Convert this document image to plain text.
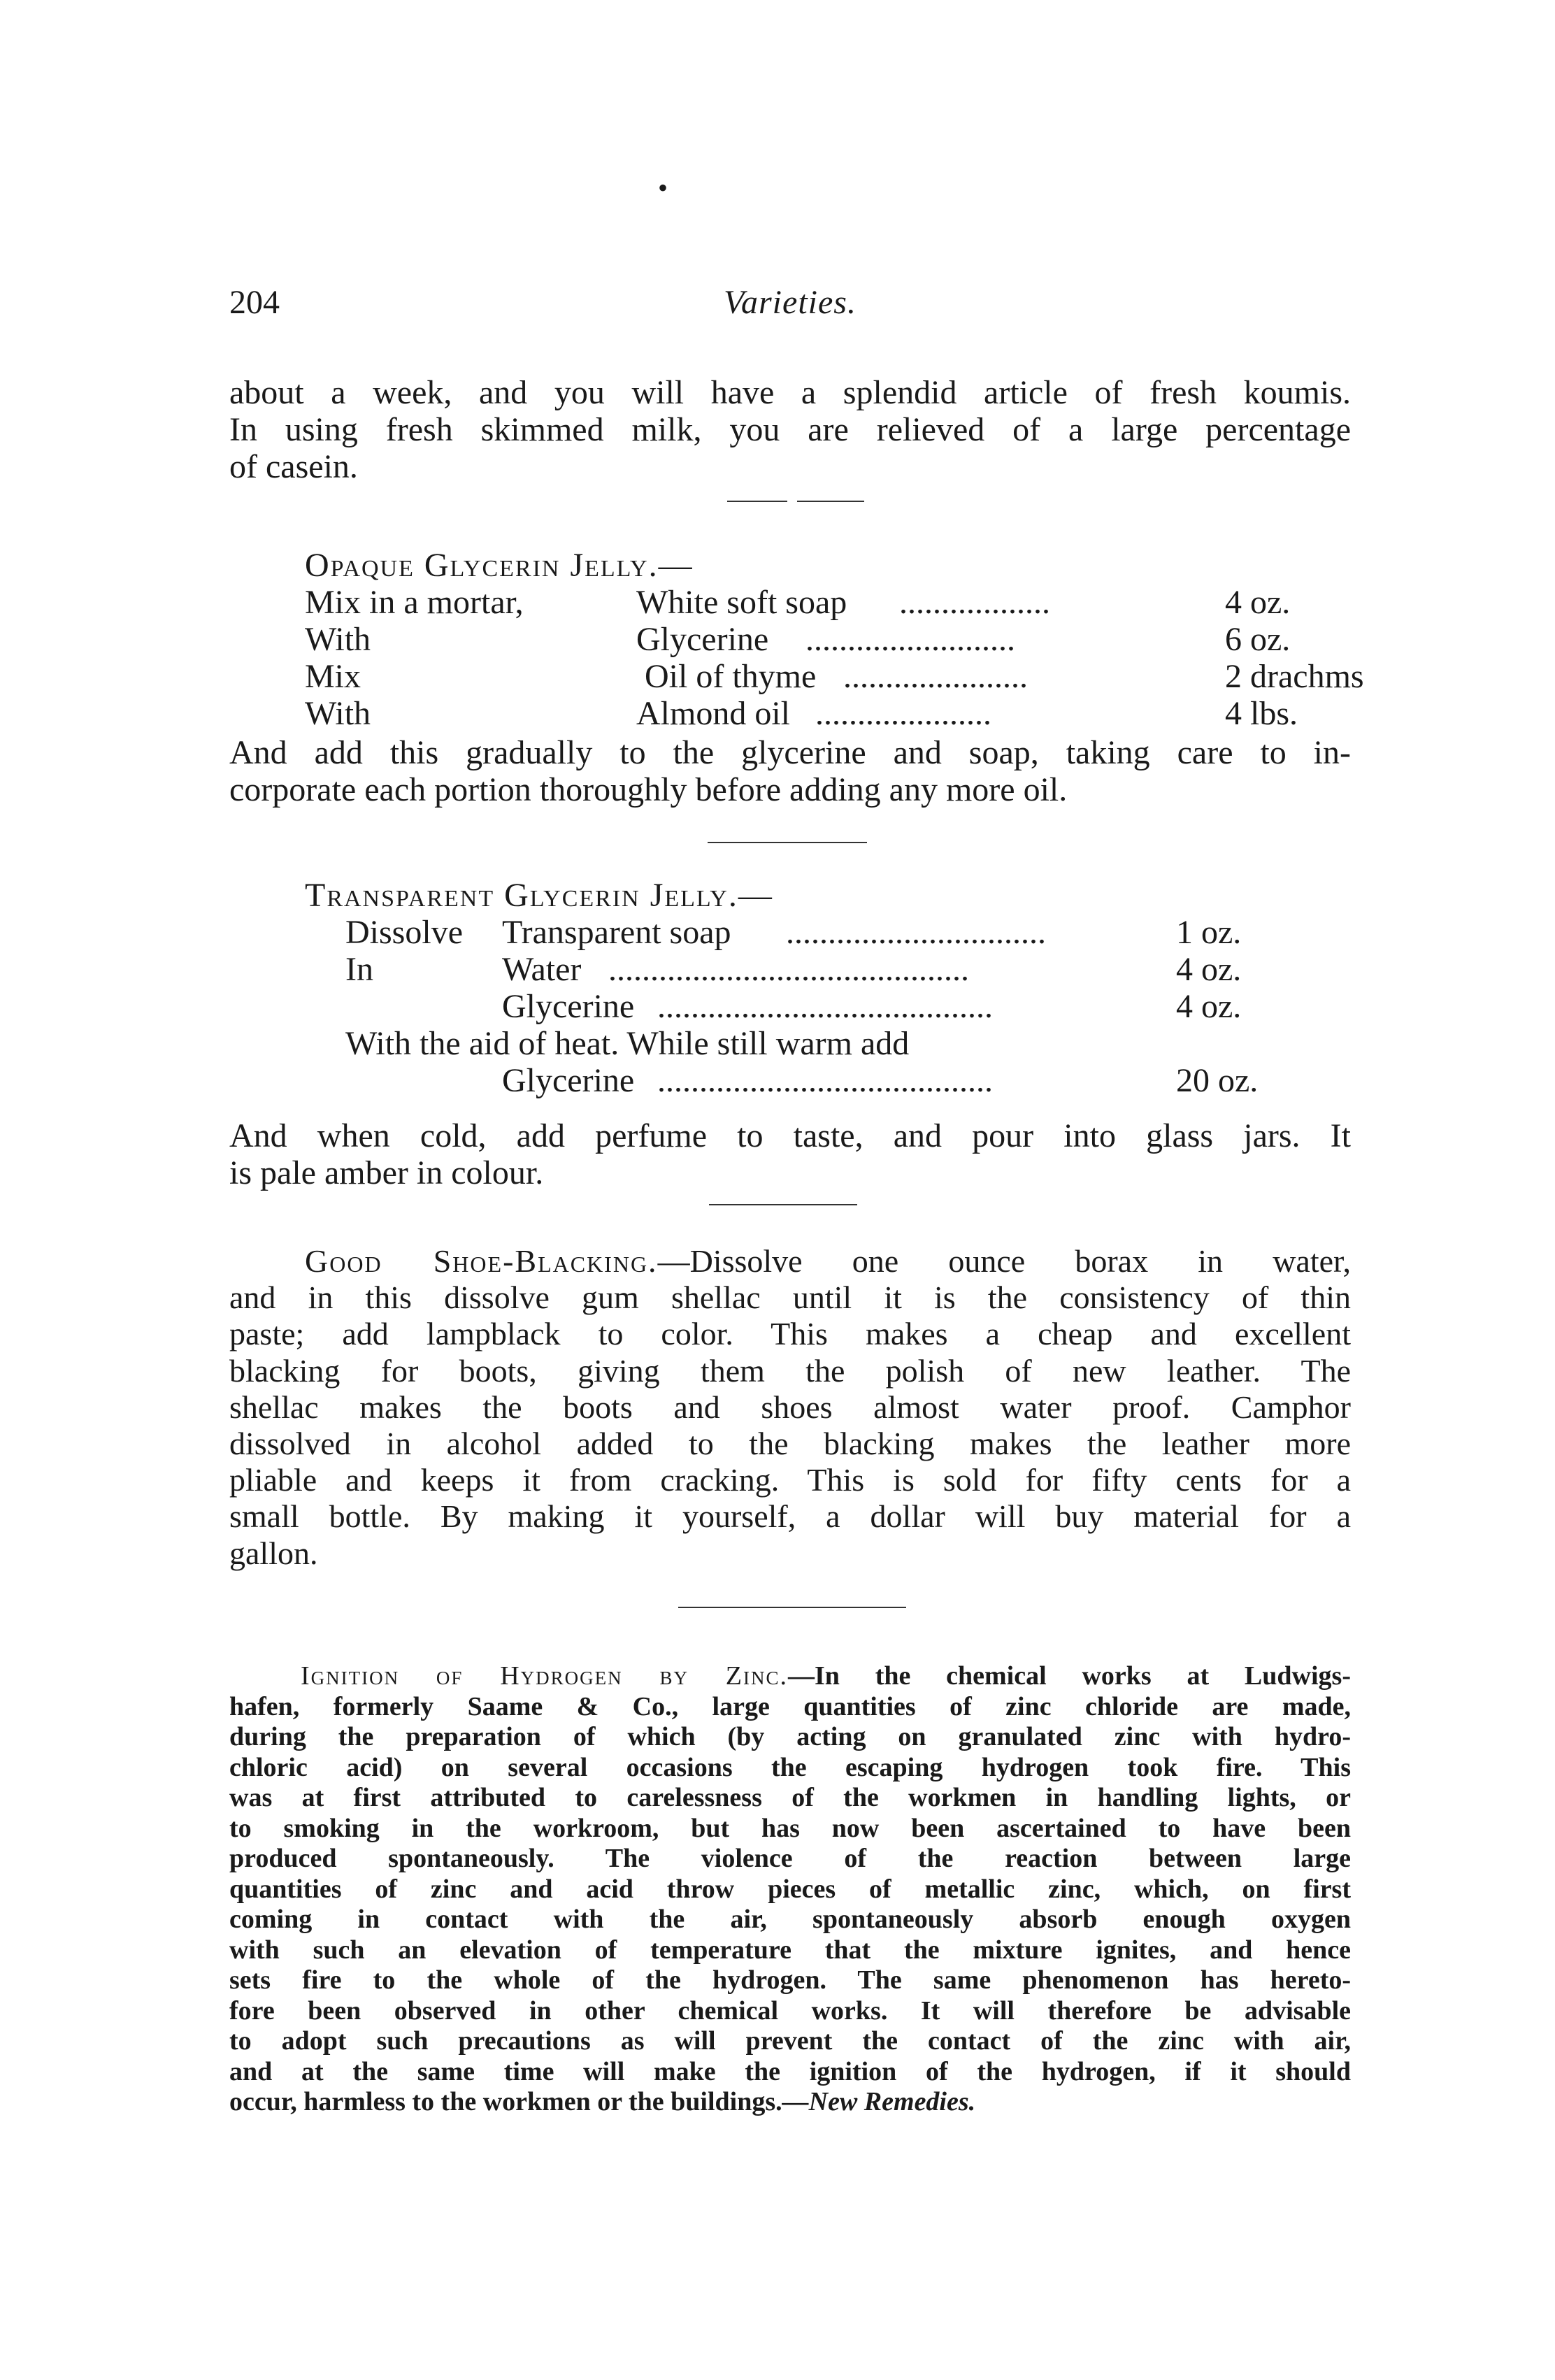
•
204	Varieties.
about a week, and you will have a splendid article of fresh koumis.
In using fresh skimmed milk, you are relieved of a large percentage
of casein.
Opaque Glycerin Jelly.—
Mix in a mortar,	White soft soap ..................	4 oz.
With	Glycerine .........................	6 oz.
Mix	Oil of thyme ......................	2 drachms
With	Almond oil .....................	4 lbs.
And add this gradually to the glycerine and soap, taking care to in-
corporate each portion thoroughly before adding any more oil.
Transparent Glycerin Jelly.—
Dissolve Transparent soap ...............................	1 oz.
In	Water ...........................................	4 oz.
Glycerine ........................................	4 oz.
With the aid of heat. While still warm add
Glycerine ........................................	20 oz.
And when cold, add perfume to taste, and pour into glass jars. It
is pale amber in colour.
Good Shoe-Blacking.—Dissolve one ounce borax in water,
and in this dissolve gum shellac until it is the consistency of thin
paste; add lampblack to color. This makes a cheap and excellent
blacking for boots, giving them the polish of new leather. The
shellac makes the boots and shoes almost water proof. Camphor
dissolved in alcohol added to the blacking makes the leather more
pliable and keeps it from cracking. This is sold for fifty cents for a
small bottle. By making it yourself, a dollar will buy material for a
gallon.
Ignition of Hydrogen by Zinc.—In the chemical works at Ludwigs-
hafen, formerly Saame & Co., large quantities of zinc chloride are made,
during the preparation of which (by acting on granulated zinc with hydro-
chloric acid) on several occasions the escaping hydrogen took fire. This
was at first attributed to carelessness of the workmen in handling lights, or
to smoking in the workroom, but has now been ascertained to have been
produced spontaneously. The violence of the reaction between large
quantities of zinc and acid throw pieces of metallic zinc, which, on first
coming in contact with the air, spontaneously absorb enough oxygen
with such an elevation of temperature that the mixture ignites, and hence
sets fire to the whole of the hydrogen. The same phenomenon has hereto-
fore been observed in other chemical works. It will therefore be advisable
to adopt such precautions as will prevent the contact of the zinc with air,
and at the same time will make the ignition of the hydrogen, if it should
occur, harmless to the workmen or the buildings.—New Remedies.
